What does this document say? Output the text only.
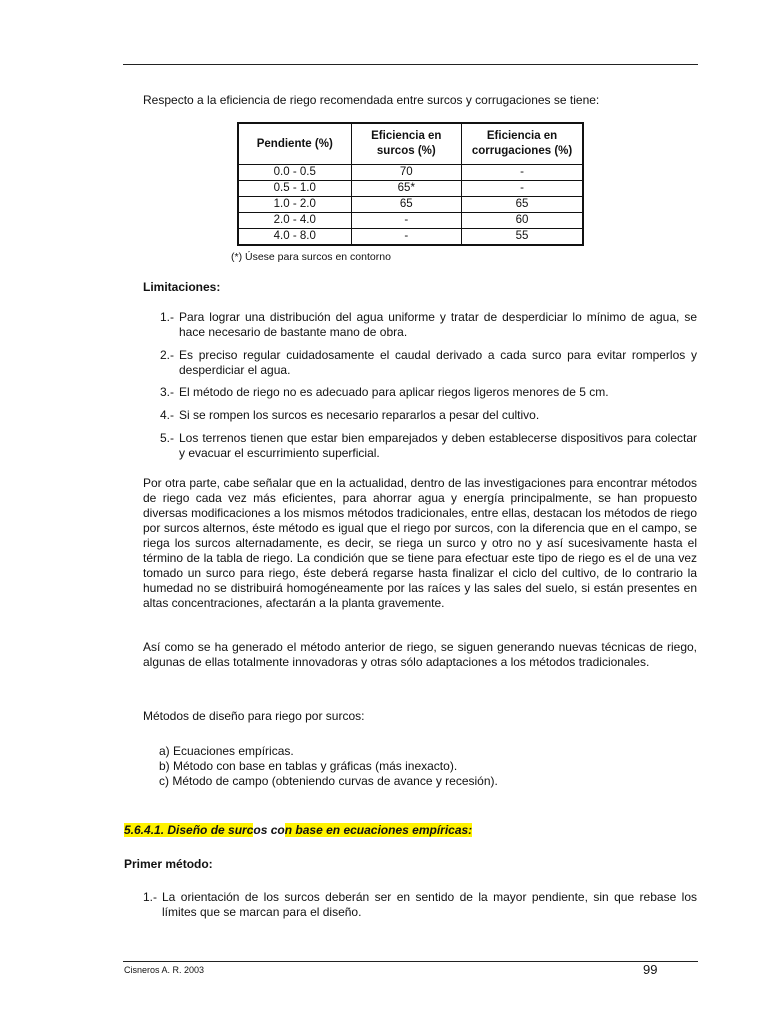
Respecto a la eficiencia de riego recomendada entre surcos y corrugaciones se tiene:
Pendiente (%)	Eficiencia en surcos (%)	Eficiencia en corrugaciones (%)
0.0 - 0.5	70	-
0.5 - 1.0	65*	-
1.0 - 2.0	65	65
2.0 - 4.0	-	60
4.0 - 8.0	-	55
(*) Úsese para surcos en contorno
Limitaciones:
1.- Para lograr una distribución del agua uniforme y tratar de desperdiciar lo mínimo de agua, se hace necesario de bastante mano de obra.
2.- Es preciso regular cuidadosamente el caudal derivado a cada surco para evitar romperlos y desperdiciar el agua.
3.- El método de riego no es adecuado para aplicar riegos ligeros menores de 5 cm.
4.- Si se rompen los surcos es necesario repararlos a pesar del cultivo.
5.- Los terrenos tienen que estar bien emparejados y deben establecerse dispositivos para colectar y evacuar el escurrimiento superficial.
Por otra parte, cabe señalar que en la actualidad, dentro de las investigaciones para encontrar métodos de riego cada vez más eficientes, para ahorrar agua y energía principalmente, se han propuesto diversas modificaciones a los mismos métodos tradicionales, entre ellas, destacan los métodos de riego por surcos alternos, éste método es igual que el riego por surcos, con la diferencia que en el campo, se riega los surcos alternadamente, es decir, se riega un surco y otro no y así sucesivamente hasta el término de la tabla de riego. La condición que se tiene para efectuar este tipo de riego es el de una vez tomado un surco para riego, éste deberá regarse hasta finalizar el ciclo del cultivo, de lo contrario la humedad no se distribuirá homogéneamente por las raíces y las sales del suelo, si están presentes en altas concentraciones, afectarán a la planta gravemente.
Así como se ha generado el método anterior de riego, se siguen generando nuevas técnicas de riego, algunas de ellas totalmente innovadoras y otras sólo adaptaciones a los métodos tradicionales.
Métodos de diseño para riego por surcos:
a) Ecuaciones empíricas.
b) Método con base en tablas y gráficas (más inexacto).
c) Método de campo (obteniendo curvas de avance y recesión).
5.6.4.1. Diseño de surcos con base en ecuaciones empíricas:
Primer método:
1.- La orientación de los surcos deberán ser en sentido de la mayor pendiente, sin que rebase los límites que se marcan para el diseño.
Cisneros A. R. 2003	99
